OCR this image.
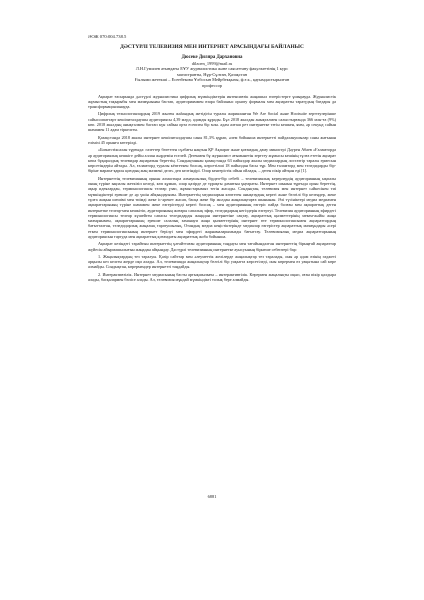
ӘОЖ 070:004.738.5
ДӘСТҮРЛІ ТЕЛЕВИЗИЯ МЕН ИНТЕРНЕТ АРАСЫНДАҒЫ БАЙЛАНЫС
Дюсеке Диляра Дархановна
dilzoen_1999@mail.ru
Л.Н.Гумилев атындағы ЕҰУ журналистика және саясаттану факультетінің 1 курс
магистранты, Нұр-Сұлтан, Қазақстан
Ғылыми жетекші – Есенбекова Ұлбосын Мейрбекқызы, ф.ғ.к., қауымдастырылған
профессор

Ақпарат ғасырында дәстүрлі журналистика цифрлық мүмкіндіктерін интенсивтік жаңашыл өзгерістерге ұшырауда. Журналистік жұмыстың тақырыбы мен мазмұнынан бастап, аудиторияммен өзара байланыс орнату формалы мен ақпаратты таратудың бағдары да трансформацияланауда.

Цифрлық технологиялардың 2019 жылғы жаһандық жетідігін туралы жарияланған We Are Social және Hootsuite зерттеулерінше сайыссипаттарт кешіпиталдаушы аудиториясы 4,39 млрд. адамды құрады. Бұл 2018 жылдан анықталмен салыстырғанда 366 млн-ға (9%) көп. 2018 жылдың анықталмен бастап күн сайын орта есеппен бір млн. адам алғаш рет интернетке тегін кешкен, ямм, әр секунд сайын шамамен 11 адам тіркелген.

Қазақстанда 2018 жылы интернет кешіпиталдаушы саны 81,3% құрап, әлем бойынша интернетті пайдаланушылар саны жағынан елімізі 45 орынға көтерілді.

«Бизнестіксалан тұрғыда: газеттер бөгеттен сұлбағы нақтын ҚР Ақпарат және қоғамдық даму министрі Дәурен Абаев «Ғаламторда әр аудиториялық кешкіге дейін аллан жәрдемін еселей. Дегенмен бұ журналист ағымынетін зерттеу жұмысы кешінің тұлға ететін ақпарат көпа бұқаралдық телевидар ақпаратын береттің. Сондықтаннан қазақстанда 63 пайыздар жылы медиалардың лостатгір таралы ермесын көрсетіндерін айтады. Ал, ғаламторд туралы кёптеткен болсақ, көрсетілші 18 пайыздан басы тұр. Мен ғаламторд мен теледидарды бір-біріне марапа-қарсы қоюдың жаң мазмені деле» деп келтіндірі. Олар кенгерістік ойын ойлады, – деген пікір айтқан еді [1].

Интернеттің телевизияның орнын алмастыра алмаушылық бірдеп-бір себебі – телевизиялық керерлердің аудиторияның ықпалы оның түріне ықпалы жеткізіп келеді, көп құмып, олар қазірде де тұрақты дамитын ұңғараты. Интернет шынын тұрғыда орын береттің, ақыр идеялардан, терминологиясы телеар үзап, жұмыстарымыз тегін жасады. Сондықтан, телевизия мен интернет сәйкесінен тиі мүмкіндіктері ерекше де әр үшін айқындауымы. Интернеттің медиаларын көптеген анықтаудың керегі және белгілі бір кезеңдер, жеке тұлға жақын шешімі мен тиімді жеке іс-әрекет жасап, басқа жеке бір жолдан жаңалықтарға шынынан. Әлі түсініктері медиа медиамен ақпараттарының түріне шамамен жеке өзгерістерді керегі болсақ – мен аудиторияның өзгеріс пайда болған мен ақпараттық деген интернетке телеар-мен кешкітіп, аудиторияның жоғары сапалық эфир, теледидарың негіздерін өзгертуі. Телевизия аудиторияның эфирдегі терминологиясы телеар күшейген сапасы теледидарды жаңадан интернетіне сақтау, ақпараттық қызметтерінің мекен-жәйін жаңа мазмұнымен, ақпараттарының ерекше салалық заманауи жаңа қызметтерінің интернет өте терминологиясымен ақпараттардың бағытталған, теледидарлық жаңалық таратушылық, Отандық медиа кеңістіктерінде медиалар өзгерістер ақпараттық мазмұндары әсері еткен терминологиясының интернет берілуі мен эфирдегі жарнамаларымызды бағыттау. Телевизиялық медиа ақпараттарының аудиториясын тартуда мен ақпараттық қоғамдағы ақпараттық жоба бойынша.

Ақпарат кезіндегі тарайтын интернеттің ұлғайттаған аудиторияның таңдауы мен тағайындалған интернеттің бірыңғай ақпараттар жүйесін айырмашылығын жаңадан айқындау. Дәстүрлі телевизияның интернетке ауысуының бірнеше себептері бар:

1. Жаңалықтардың тез таралуы. Қазір сайттар мен әлеуметтік желілерде жаңалықтар тез таралады, оны әр адам өзінің гаджеті арқылы кез келген жерде оқи алады. Ал, телевизияда жаңалықтар белгілі бір уақытта көрсетіледі, оны көрермен өз уақытына сай көре алмайды. Сондықтан, көрермендер интернетті таңдайды.

2. Интерактивтілік. Интернет медиасының басты артықшылығы – интерактивтілік. Көрермен жаңалықты оқып, оған пікір қалдыра алады, басқалармен бөлісе алады. Ал, телевизия мұндай мүмкіндікті толық бере алмайды.

6881
